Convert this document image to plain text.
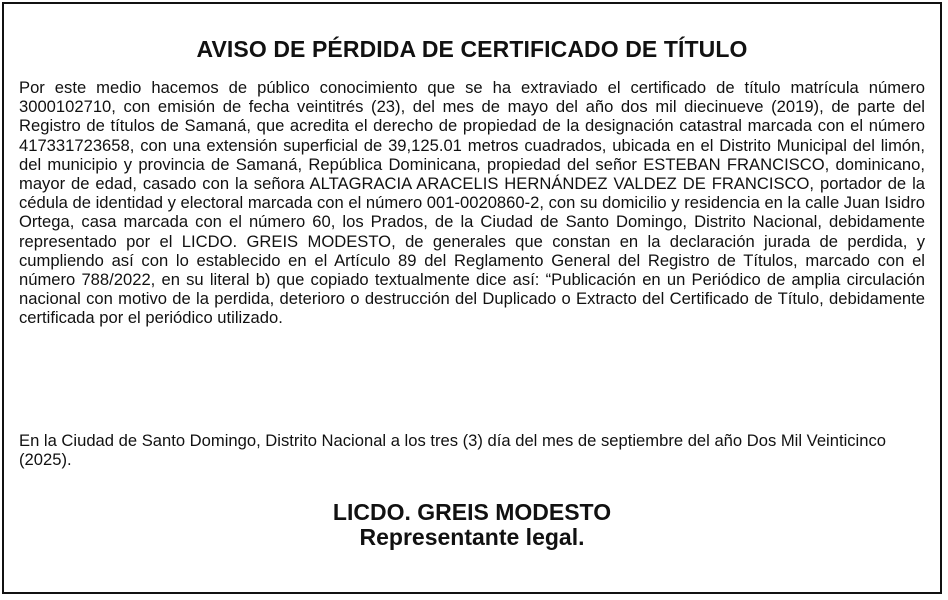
AVISO DE PÉRDIDA DE CERTIFICADO DE TÍTULO

Por este medio hacemos de público conocimiento que se ha extraviado el certificado de título matrícula número 3000102710, con emisión de fecha veintitrés (23), del mes de mayo del año dos mil diecinueve (2019), de parte del Registro de títulos de Samaná, que acredita el derecho de propiedad de la designación catastral marcada con el número 417331723658, con una extensión superficial de 39,125.01 metros cuadrados, ubicada en el Distrito Municipal del limón, del municipio y provincia de Samaná, República Dominicana, propiedad del señor ESTEBAN FRANCISCO, dominicano, mayor de edad, casado con la señora ALTAGRACIA ARACELIS HERNÁNDEZ VALDEZ DE FRANCISCO, portador de la cédula de identidad y electoral marcada con el número 001-0020860-2, con su domicilio y residencia en la calle Juan Isidro Ortega, casa marcada con el número 60, los Prados, de la Ciudad de Santo Domingo, Distrito Nacional, debidamente representado por el LICDO. GREIS MODESTO, de generales que constan en la declaración jurada de perdida, y cumpliendo así con lo establecido en el Artículo 89 del Reglamento General del Registro de Títulos, marcado con el número 788/2022, en su literal b) que copiado textualmente dice así: “Publicación en un Periódico de amplia circulación nacional con motivo de la perdida, deterioro o destrucción del Duplicado o Extracto del Certificado de Título, debidamente certificada por el periódico utilizado.

En la Ciudad de Santo Domingo, Distrito Nacional a los tres (3) día del mes de septiembre del año Dos Mil Veinticinco (2025).

LICDO. GREIS MODESTO
Representante legal.
